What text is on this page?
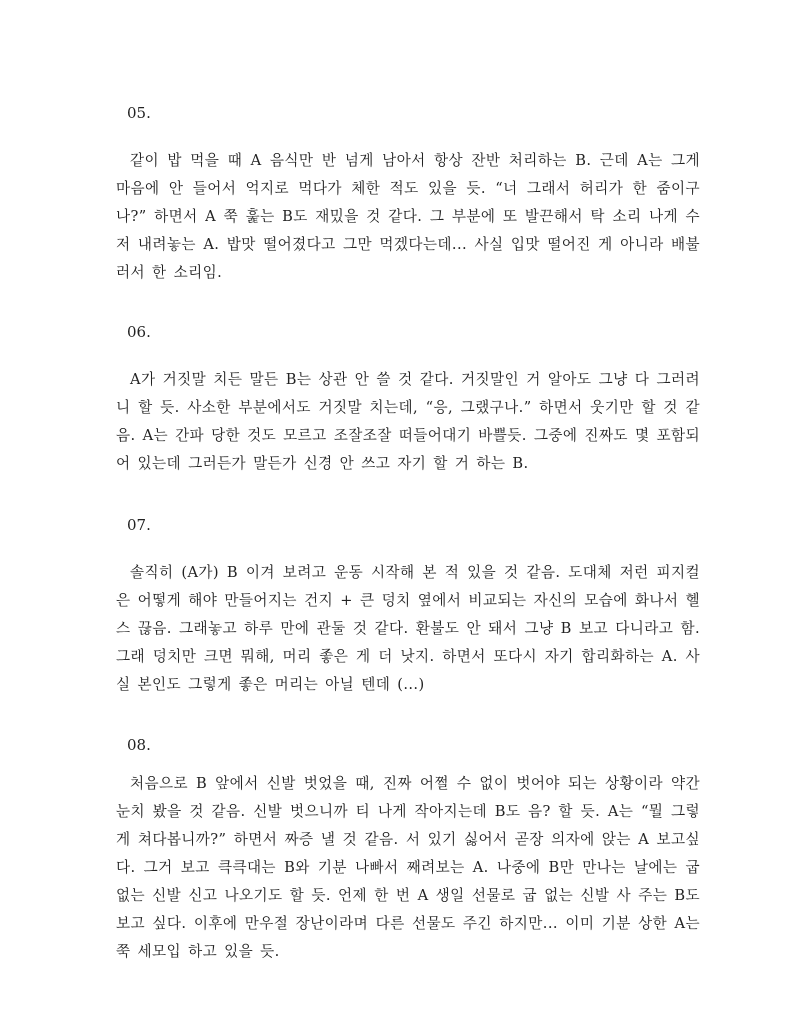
05.

같이 밥 먹을 때 A 음식만 반 넘게 남아서 항상 잔반 처리하는 B. 근데 A는 그게 마음에 안 들어서 억지로 먹다가 체한 적도 있을 듯. “너 그래서 허리가 한 줌이구나?” 하면서 A 쭉 훑는 B도 재밌을 것 같다. 그 부분에 또 발끈해서 탁 소리 나게 수저 내려놓는 A. 밥맛 떨어졌다고 그만 먹겠다는데... 사실 입맛 떨어진 게 아니라 배불러서 한 소리임.

06.

A가 거짓말 치든 말든 B는 상관 안 쓸 것 같다. 거짓말인 거 알아도 그냥 다 그러려니 할 듯. 사소한 부분에서도 거짓말 치는데, “응, 그랬구나.” 하면서 웃기만 할 것 같음. A는 간파 당한 것도 모르고 조잘조잘 떠들어대기 바쁠듯. 그중에 진짜도 몇 포함되어 있는데 그러든가 말든가 신경 안 쓰고 자기 할 거 하는 B.

07.

솔직히 (A가) B 이겨 보려고 운동 시작해 본 적 있을 것 같음. 도대체 저런 피지컬은 어떻게 해야 만들어지는 건지 + 큰 덩치 옆에서 비교되는 자신의 모습에 화나서 헬스 끊음. 그래놓고 하루 만에 관둘 것 같다. 환불도 안 돼서 그냥 B 보고 다니라고 함. 그래 덩치만 크면 뭐해, 머리 좋은 게 더 낫지. 하면서 또다시 자기 합리화하는 A. 사실 본인도 그렇게 좋은 머리는 아닐 텐데 (...)

08.

처음으로 B 앞에서 신발 벗었을 때, 진짜 어쩔 수 없이 벗어야 되는 상황이라 약간 눈치 봤을 것 같음. 신발 벗으니까 티 나게 작아지는데 B도 음? 할 듯. A는 “뭘 그렇게 쳐다봅니까?” 하면서 짜증 낼 것 같음. 서 있기 싫어서 곧장 의자에 앉는 A 보고싶다. 그거 보고 큭큭대는 B와 기분 나빠서 째려보는 A. 나중에 B만 만나는 날에는 굽 없는 신발 신고 나오기도 할 듯. 언제 한 번 A 생일 선물로 굽 없는 신발 사 주는 B도 보고 싶다. 이후에 만우절 장난이라며 다른 선물도 주긴 하지만... 이미 기분 상한 A는 쭉 세모입 하고 있을 듯.
